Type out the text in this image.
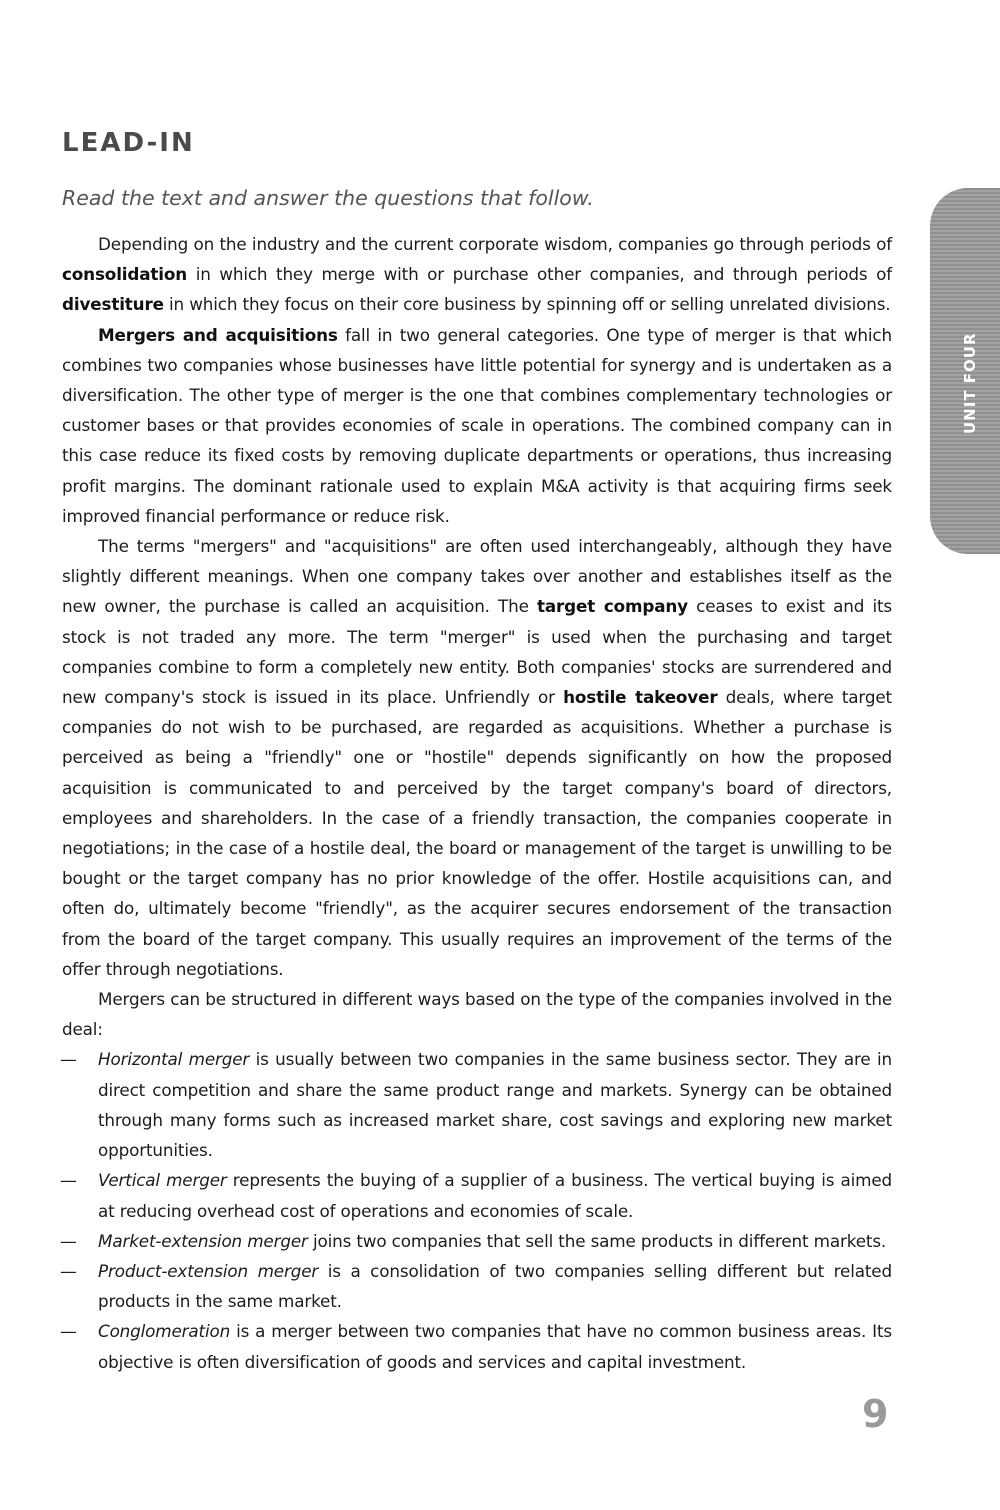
LEAD-IN
Read the text and answer the questions that follow.

Depending on the industry and the current corporate wisdom, companies go through periods of consolidation in which they merge with or purchase other companies, and through periods of divestiture in which they focus on their core business by spinning off or selling unrelated divisions.

Mergers and acquisitions fall in two general categories. One type of merger is that which combines two companies whose businesses have little potential for synergy and is undertaken as a diversification. The other type of merger is the one that combines complementary technologies or customer bases or that provides economies of scale in operations. The combined company can in this case reduce its fixed costs by removing duplicate departments or operations, thus increasing profit margins. The dominant rationale used to explain M&A activity is that acquiring firms seek improved financial performance or reduce risk.

The terms "mergers" and "acquisitions" are often used interchangeably, although they have slightly different meanings. When one company takes over another and establishes itself as the new owner, the purchase is called an acquisition. The target company ceases to exist and its stock is not traded any more. The term "merger" is used when the purchasing and target companies combine to form a completely new entity. Both companies' stocks are surrendered and new company's stock is issued in its place. Unfriendly or hostile takeover deals, where target companies do not wish to be purchased, are regarded as acquisitions. Whether a purchase is perceived as being a "friendly" one or "hostile" depends significantly on how the proposed acquisition is communicated to and perceived by the target company's board of directors, employees and shareholders. In the case of a friendly transaction, the companies cooperate in negotiations; in the case of a hostile deal, the board or management of the target is unwilling to be bought or the target company has no prior knowledge of the offer. Hostile acquisitions can, and often do, ultimately become "friendly", as the acquirer secures endorsement of the transaction from the board of the target company. This usually requires an improvement of the terms of the offer through negotiations.

Mergers can be structured in different ways based on the type of the companies involved in the deal:

— Horizontal merger is usually between two companies in the same business sector. They are in direct competition and share the same product range and markets. Synergy can be obtained through many forms such as increased market share, cost savings and exploring new market opportunities.
— Vertical merger represents the buying of a supplier of a business. The vertical buying is aimed at reducing overhead cost of operations and economies of scale.
— Market-extension merger joins two companies that sell the same products in different markets.
— Product-extension merger is a consolidation of two companies selling different but related products in the same market.
— Conglomeration is a merger between two companies that have no common business areas. Its objective is often diversification of goods and services and capital investment.
UNIT FOUR
9
